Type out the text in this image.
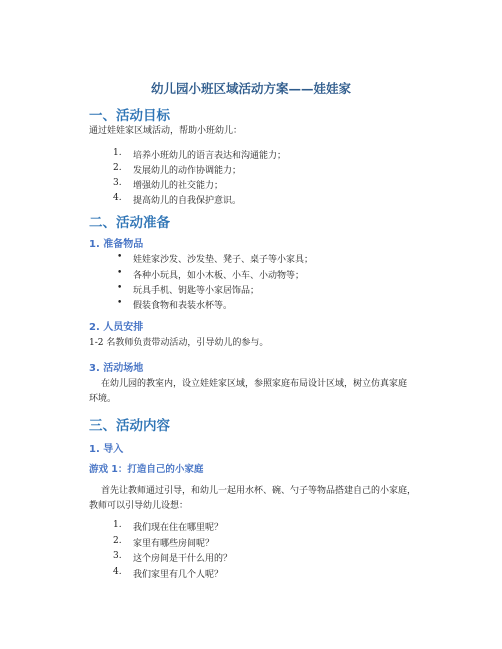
幼儿园小班区域活动方案——娃娃家
一、活动目标

通过娃娃家区域活动，帮助小班幼儿：

1. 培养小班幼儿的语言表达和沟通能力；
2. 发展幼儿的动作协调能力；
3. 增强幼儿的社交能力；
4. 提高幼儿的自我保护意识。
二、活动准备
1. 准备物品
• 娃娃家沙发、沙发垫、凳子、桌子等小家具；
• 各种小玩具，如小木板、小车、小动物等；
• 玩具手机、钥匙等小家居饰品；
• 假装食物和表装水杯等。
2. 人员安排

1-2 名教师负责带动活动，引导幼儿的参与。

3. 活动场地

在幼儿园的教室内，设立娃娃家区域，参照家庭布局设计区域，树立仿真家庭

环境。

三、活动内容
1. 导入

游戏 1：打造自己的小家庭

首先让教师通过引导，和幼儿一起用水杯、碗、勺子等物品搭建自己的小家庭，

教师可以引导幼儿设想：

1. 我们现在住在哪里呢？
2. 家里有哪些房间呢？
3. 这个房间是干什么用的？
4. 我们家里有几个人呢？
